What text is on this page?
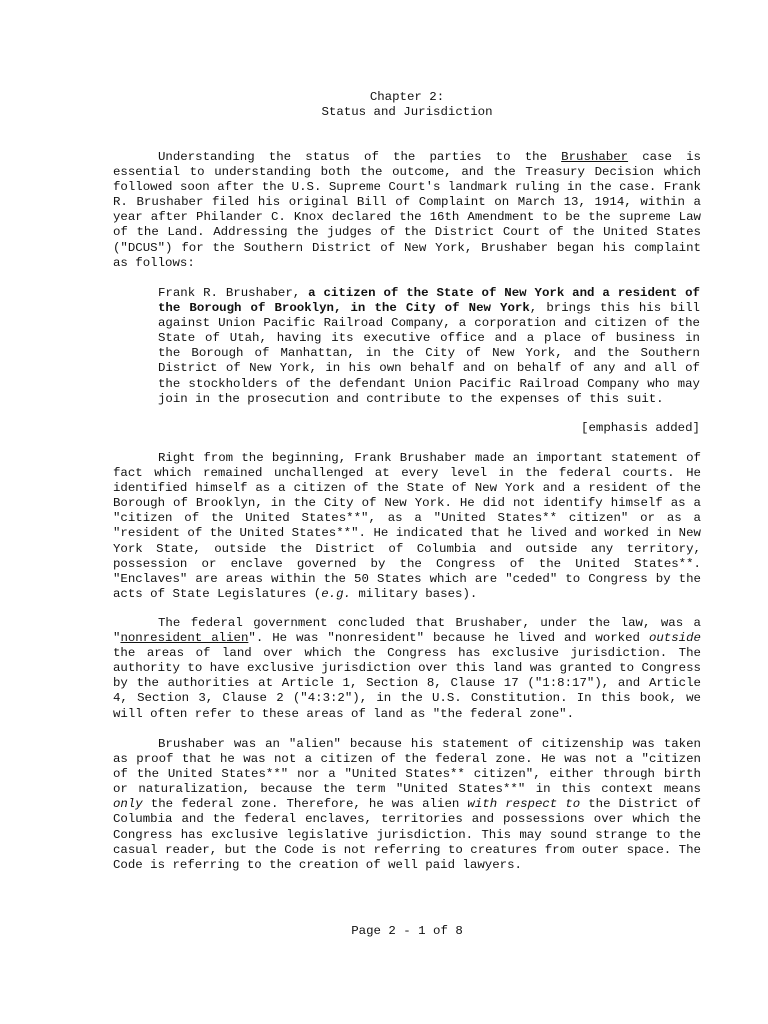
Chapter 2:
Status and Jurisdiction

Understanding the status of the parties to the Brushaber case is essential to understanding both the outcome, and the Treasury Decision which followed soon after the U.S. Supreme Court's landmark ruling in the case. Frank R. Brushaber filed his original Bill of Complaint on March 13, 1914, within a year after Philander C. Knox declared the 16th Amendment to be the supreme Law of the Land. Addressing the judges of the District Court of the United States ("DCUS") for the Southern District of New York, Brushaber began his complaint as follows:

Frank R. Brushaber, a citizen of the State of New York and a resident of the Borough of Brooklyn, in the City of New York, brings this his bill against Union Pacific Railroad Company, a corporation and citizen of the State of Utah, having its executive office and a place of business in the Borough of Manhattan, in the City of New York, and the Southern District of New York, in his own behalf and on behalf of any and all of the stockholders of the defendant Union Pacific Railroad Company who may join in the prosecution and contribute to the expenses of this suit.

[emphasis added]

Right from the beginning, Frank Brushaber made an important statement of fact which remained unchallenged at every level in the federal courts. He identified himself as a citizen of the State of New York and a resident of the Borough of Brooklyn, in the City of New York. He did not identify himself as a "citizen of the United States**", as a "United States** citizen" or as a "resident of the United States**". He indicated that he lived and worked in New York State, outside the District of Columbia and outside any territory, possession or enclave governed by the Congress of the United States**. "Enclaves" are areas within the 50 States which are "ceded" to Congress by the acts of State Legislatures (e.g. military bases).

The federal government concluded that Brushaber, under the law, was a "nonresident alien". He was "nonresident" because he lived and worked outside the areas of land over which the Congress has exclusive jurisdiction. The authority to have exclusive jurisdiction over this land was granted to Congress by the authorities at Article 1, Section 8, Clause 17 ("1:8:17"), and Article 4, Section 3, Clause 2 ("4:3:2"), in the U.S. Constitution. In this book, we will often refer to these areas of land as "the federal zone".

Brushaber was an "alien" because his statement of citizenship was taken as proof that he was not a citizen of the federal zone. He was not a "citizen of the United States**" nor a "United States** citizen", either through birth or naturalization, because the term "United States**" in this context means only the federal zone. Therefore, he was alien with respect to the District of Columbia and the federal enclaves, territories and possessions over which the Congress has exclusive legislative jurisdiction. This may sound strange to the casual reader, but the Code is not referring to creatures from outer space. The Code is referring to the creation of well paid lawyers.

Page 2 - 1 of 8
